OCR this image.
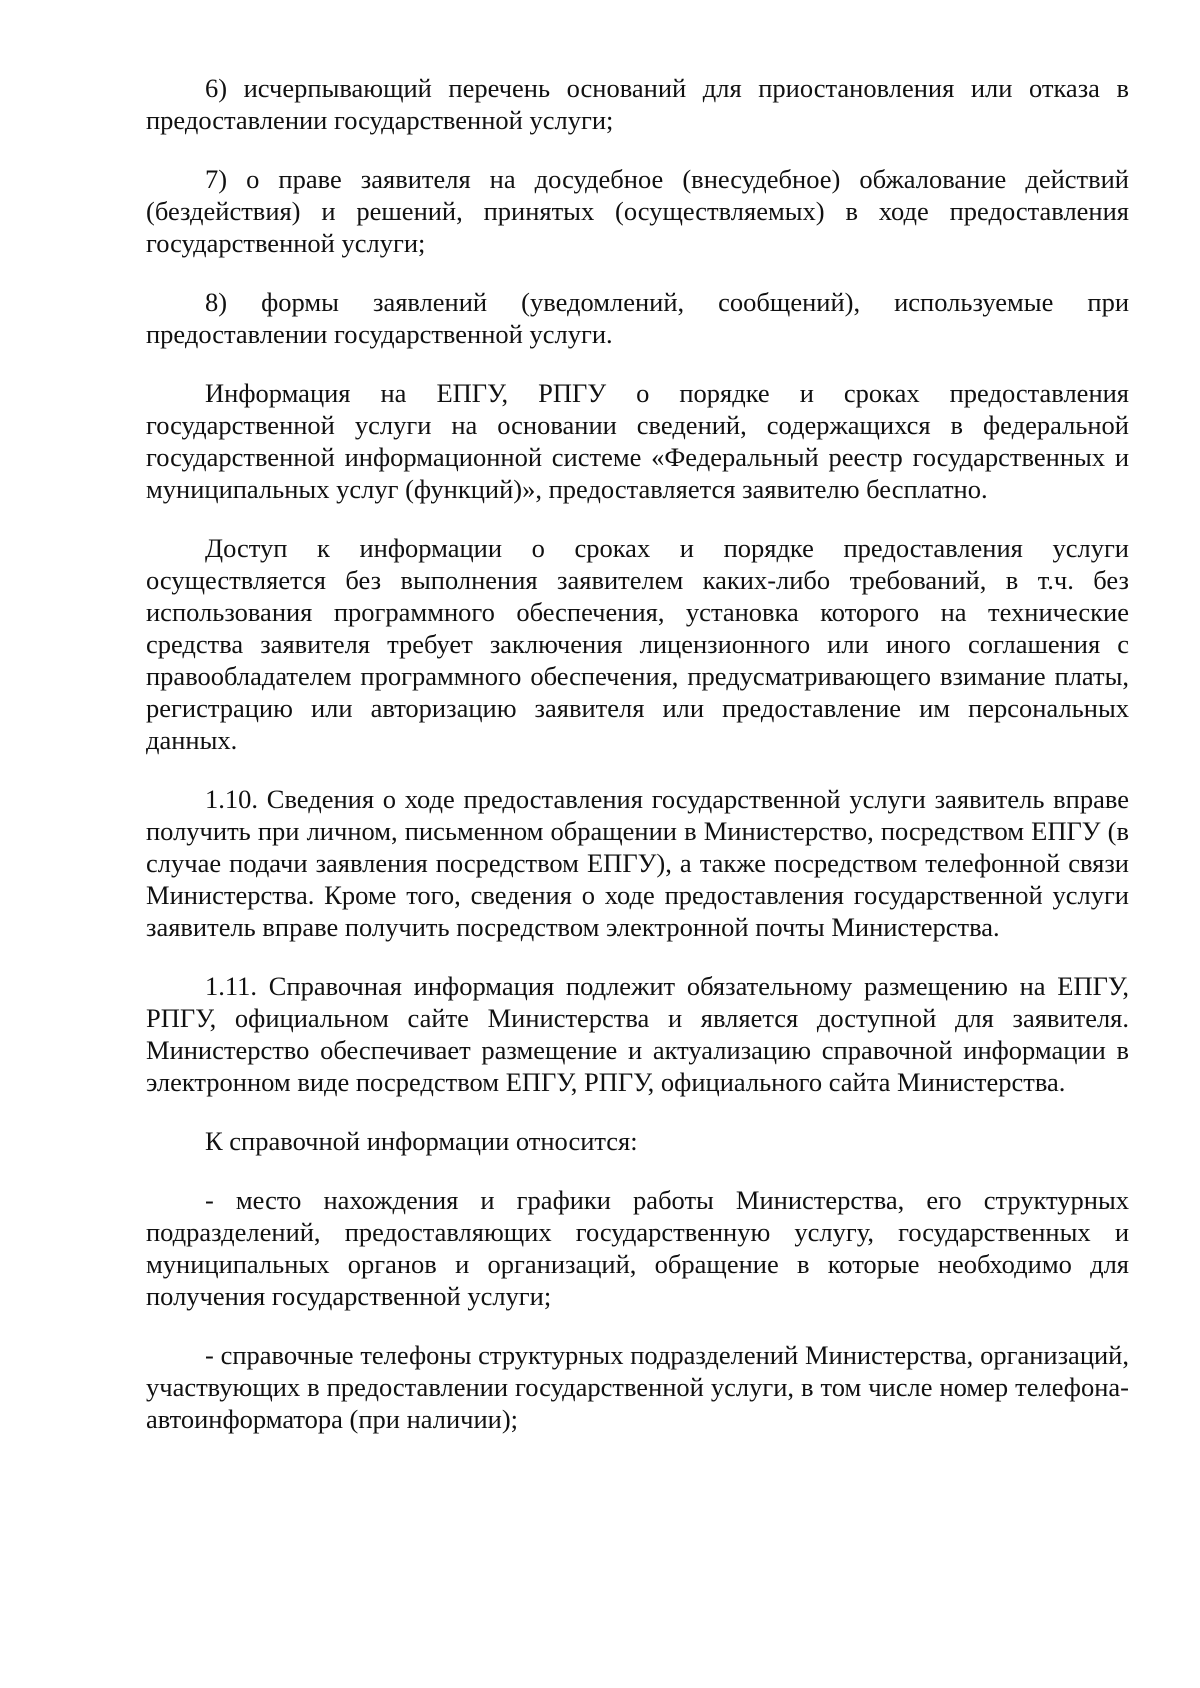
6) исчерпывающий перечень оснований для приостановления или отказа в предоставлении государственной услуги;

7) о праве заявителя на досудебное (внесудебное) обжалование действий (бездействия) и решений, принятых (осуществляемых) в ходе предоставления государственной услуги;

8) формы заявлений (уведомлений, сообщений), используемые при предоставлении государственной услуги.

Информация на ЕПГУ, РПГУ о порядке и сроках предоставления государственной услуги на основании сведений, содержащихся в федеральной государственной информационной системе «Федеральный реестр государственных и муниципальных услуг (функций)», предоставляется заявителю бесплатно.

Доступ к информации о сроках и порядке предоставления услуги осуществляется без выполнения заявителем каких-либо требований, в т.ч. без использования программного обеспечения, установка которого на технические средства заявителя требует заключения лицензионного или иного соглашения с правообладателем программного обеспечения, предусматривающего взимание платы, регистрацию или авторизацию заявителя или предоставление им персональных данных.

1.10. Сведения о ходе предоставления государственной услуги заявитель вправе получить при личном, письменном обращении в Министерство, посредством ЕПГУ (в случае подачи заявления посредством ЕПГУ), а также посредством телефонной связи Министерства. Кроме того, сведения о ходе предоставления государственной услуги заявитель вправе получить посредством электронной почты Министерства.

1.11. Справочная информация подлежит обязательному размещению на ЕПГУ, РПГУ, официальном сайте Министерства и является доступной для заявителя. Министерство обеспечивает размещение и актуализацию справочной информации в электронном виде посредством ЕПГУ, РПГУ, официального сайта Министерства.

К справочной информации относится:

- место нахождения и графики работы Министерства, его структурных подразделений, предоставляющих государственную услугу, государственных и муниципальных органов и организаций, обращение в которые необходимо для получения государственной услуги;

- справочные телефоны структурных подразделений Министерства, организаций, участвующих в предоставлении государственной услуги, в том числе номер телефона-автоинформатора (при наличии);
